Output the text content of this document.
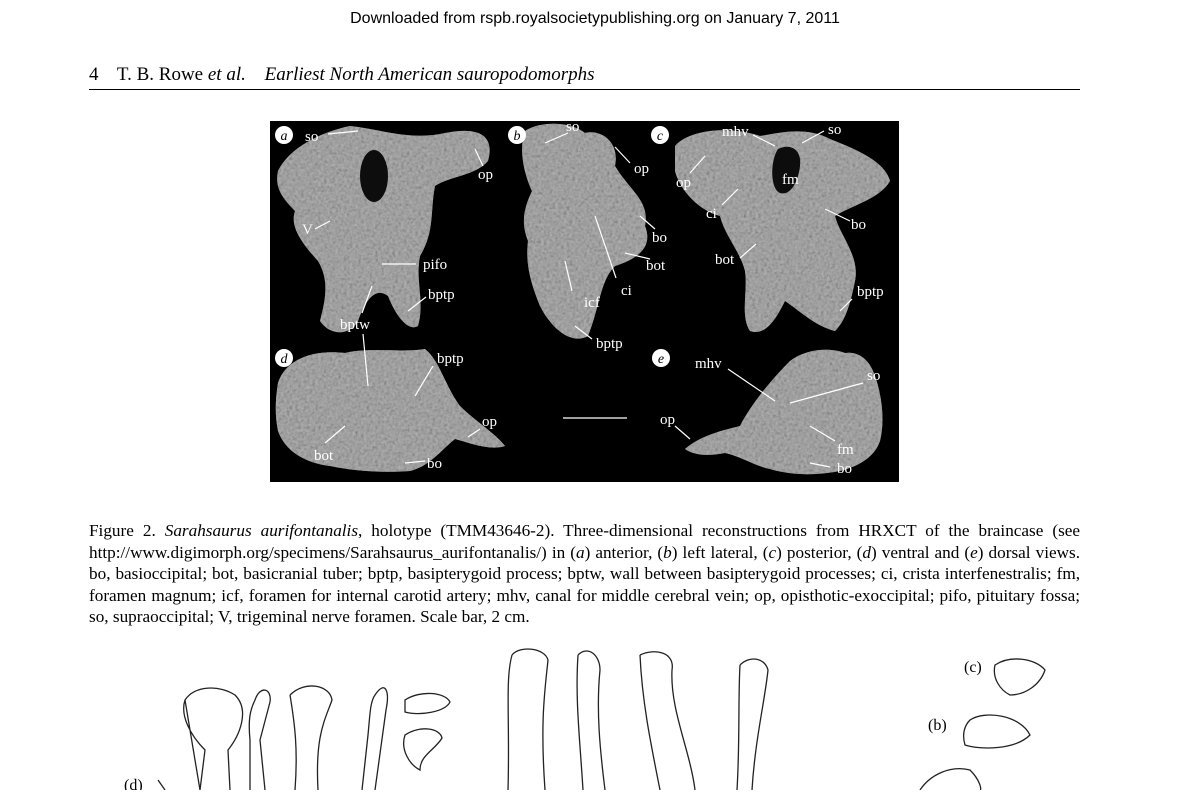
Downloaded from rspb.royalsocietypublishing.org on January 7, 2011
4 T. B. Rowe et al. Earliest North American sauropodomorphs
a	b	c
d	e
so
op
V
pifo
bptp
bptw
so
op
bo
bot
ci
icf
bptp
mhv	so
op	fm
ci
bo
bot
bptp
bptp
op
bot	bo
mhv
so
op
fm
bo

Figure 2. Sarahsaurus aurifontanalis, holotype (TMM43646-2). Three-dimensional reconstructions from HRXCT of the braincase (see http://www.digimorph.org/specimens/Sarahsaurus_aurifontanalis/) in (a) anterior, (b) left lateral, (c) posterior, (d) ventral and (e) dorsal views. bo, basioccipital; bot, basicranial tuber; bptp, basipterygoid process; bptw, wall between basipterygoid processes; ci, crista interfenestralis; fm, foramen magnum; icf, foramen for internal carotid artery; mhv, canal for middle cerebral vein; op, opisthotic-exoccipital; pifo, pituitary fossa; so, supraoccipital; V, trigeminal nerve foramen. Scale bar, 2 cm.

(c)
(b)
(d)
